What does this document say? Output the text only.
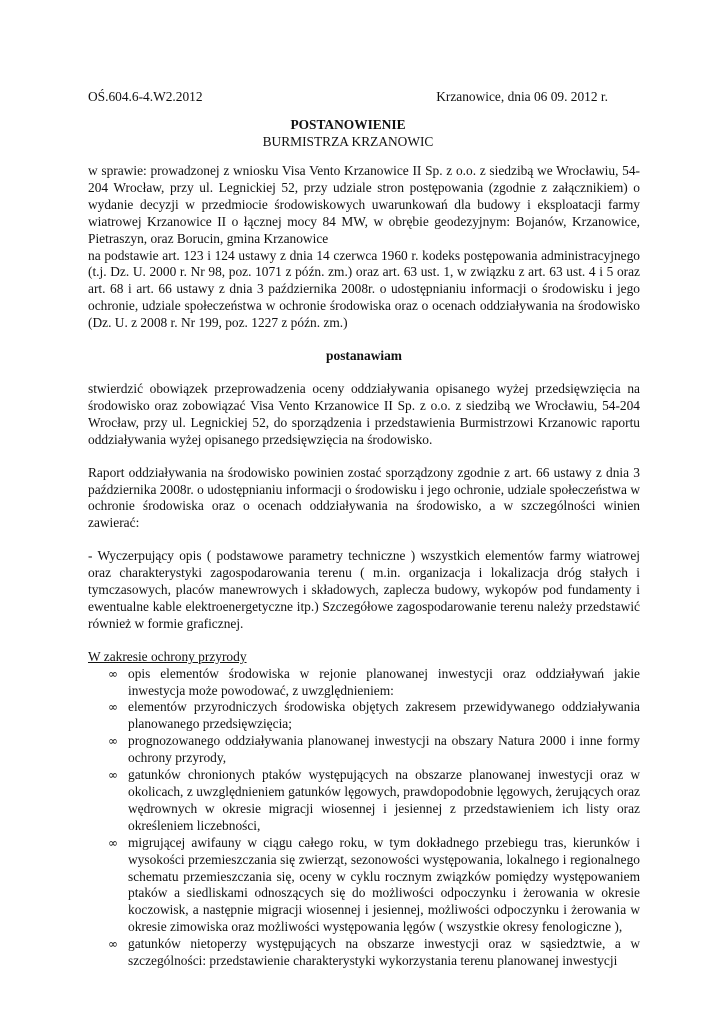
OŚ.604.6-4.W2.2012	Krzanowice, dnia 06 09. 2012 r.
POSTANOWIENIE
BURMISTRZA KRZANOWIC

w sprawie: prowadzonej z wniosku Visa Vento Krzanowice II Sp. z o.o. z siedzibą we Wrocławiu, 54-204 Wrocław, przy ul. Legnickiej 52, przy udziale stron postępowania (zgodnie z załącznikiem) o wydanie decyzji w przedmiocie środowiskowych uwarunkowań dla budowy i eksploatacji farmy wiatrowej Krzanowice II o łącznej mocy 84 MW, w obrębie geodezyjnym: Bojanów, Krzanowice, Pietraszyn, oraz Borucin, gmina Krzanowice

na podstawie art. 123 i 124 ustawy z dnia 14 czerwca 1960 r. kodeks postępowania administracyjnego (t.j. Dz. U. 2000 r. Nr 98, poz. 1071 z późn. zm.) oraz art. 63 ust. 1, w związku z art. 63 ust. 4 i 5 oraz art. 68 i art. 66 ustawy z dnia 3 października 2008r. o udostępnianiu informacji o środowisku i jego ochronie, udziale społeczeństwa w ochronie środowiska oraz o ocenach oddziaływania na środowisko (Dz. U. z 2008 r. Nr 199, poz. 1227 z późn. zm.)

postanawiam

stwierdzić obowiązek przeprowadzenia oceny oddziaływania opisanego wyżej przedsięwzięcia na środowisko oraz zobowiązać Visa Vento Krzanowice II Sp. z o.o. z siedzibą we Wrocławiu, 54-204 Wrocław, przy ul. Legnickiej 52, do sporządzenia i przedstawienia Burmistrzowi Krzanowic raportu oddziaływania wyżej opisanego przedsięwzięcia na środowisko.

Raport oddziaływania na środowisko powinien zostać sporządzony zgodnie z art. 66 ustawy z dnia 3 października 2008r. o udostępnianiu informacji o środowisku i jego ochronie, udziale społeczeństwa w ochronie środowiska oraz o ocenach oddziaływania na środowisko, a w szczególności winien zawierać:

- Wyczerpujący opis ( podstawowe parametry techniczne ) wszystkich elementów farmy wiatrowej oraz charakterystyki zagospodarowania terenu ( m.in. organizacja i lokalizacja dróg stałych i tymczasowych, placów manewrowych i składowych, zaplecza budowy, wykopów pod fundamenty i ewentualne kable elektroenergetyczne itp.) Szczegółowe zagospodarowanie terenu należy przedstawić również w formie graficznej.

W zakresie ochrony przyrody

∞ opis elementów środowiska w rejonie planowanej inwestycji oraz oddziaływań jakie inwestycja może powodować, z uwzględnieniem:
∞ elementów przyrodniczych środowiska objętych zakresem przewidywanego oddziaływania planowanego przedsięwzięcia;
∞ prognozowanego oddziaływania planowanej inwestycji na obszary Natura 2000 i inne formy ochrony przyrody,
∞ gatunków chronionych ptaków występujących na obszarze planowanej inwestycji oraz w okolicach, z uwzględnieniem gatunków lęgowych, prawdopodobnie lęgowych, żerujących oraz wędrownych w okresie migracji wiosennej i jesiennej z przedstawieniem ich listy oraz określeniem liczebności,
∞ migrującej awifauny w ciągu całego roku, w tym dokładnego przebiegu tras, kierunków i wysokości przemieszczania się zwierząt, sezonowości występowania, lokalnego i regionalnego schematu przemieszczania się, oceny w cyklu rocznym związków pomiędzy występowaniem ptaków a siedliskami odnoszących się do możliwości odpoczynku i żerowania w okresie koczowisk, a następnie migracji wiosennej i jesiennej, możliwości odpoczynku i żerowania w okresie zimowiska oraz możliwości występowania lęgów ( wszystkie okresy fenologiczne ),
∞ gatunków nietoperzy występujących na obszarze inwestycji oraz w sąsiedztwie, a w szczególności: przedstawienie charakterystyki wykorzystania terenu planowanej inwestycji
